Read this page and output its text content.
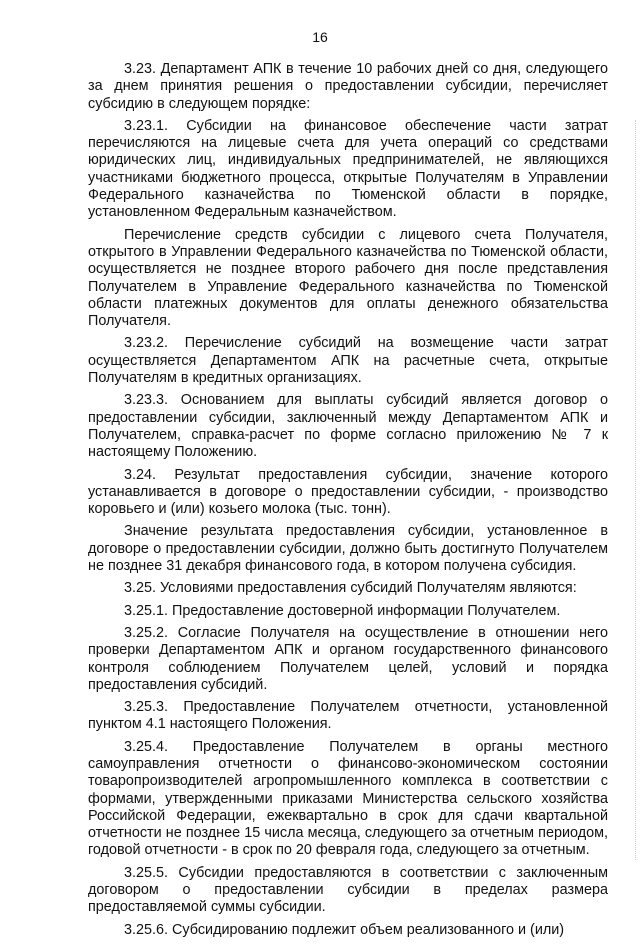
16

3.23. Департамент АПК в течение 10 рабочих дней со дня, следующего за днем принятия решения о предоставлении субсидии, перечисляет субсидию в следующем порядке:

3.23.1. Субсидии на финансовое обеспечение части затрат перечисляются на лицевые счета для учета операций со средствами юридических лиц, индивидуальных предпринимателей, не являющихся участниками бюджетного процесса, открытые Получателям в Управлении Федерального казначейства по Тюменской области в порядке, установленном Федеральным казначейством.

Перечисление средств субсидии с лицевого счета Получателя, открытого в Управлении Федерального казначейства по Тюменской области, осуществляется не позднее второго рабочего дня после представления Получателем в Управление Федерального казначейства по Тюменской области платежных документов для оплаты денежного обязательства Получателя.

3.23.2. Перечисление субсидий на возмещение части затрат осуществляется Департаментом АПК на расчетные счета, открытые Получателям в кредитных организациях.

3.23.3. Основанием для выплаты субсидий является договор о предоставлении субсидии, заключенный между Департаментом АПК и Получателем, справка-расчет по форме согласно приложению № 7 к настоящему Положению.

3.24. Результат предоставления субсидии, значение которого устанавливается в договоре о предоставлении субсидии, - производство коровьего и (или) козьего молока (тыс. тонн).

Значение результата предоставления субсидии, установленное в договоре о предоставлении субсидии, должно быть достигнуто Получателем не позднее 31 декабря финансового года, в котором получена субсидия.

3.25. Условиями предоставления субсидий Получателям являются:

3.25.1. Предоставление достоверной информации Получателем.

3.25.2. Согласие Получателя на осуществление в отношении него проверки Департаментом АПК и органом государственного финансового контроля соблюдением Получателем целей, условий и порядка предоставления субсидий.

3.25.3. Предоставление Получателем отчетности, установленной пунктом 4.1 настоящего Положения.

3.25.4. Предоставление Получателем в органы местного самоуправления отчетности о финансово-экономическом состоянии товаропроизводителей агропромышленного комплекса в соответствии с формами, утвержденными приказами Министерства сельского хозяйства Российской Федерации, ежеквартально в срок для сдачи квартальной отчетности не позднее 15 числа месяца, следующего за отчетным периодом, годовой отчетности - в срок по 20 февраля года, следующего за отчетным.

3.25.5. Субсидии предоставляются в соответствии с заключенным договором о предоставлении субсидии в пределах размера предоставляемой суммы субсидии.

3.25.6. Субсидированию подлежит объем реализованного и (или)
